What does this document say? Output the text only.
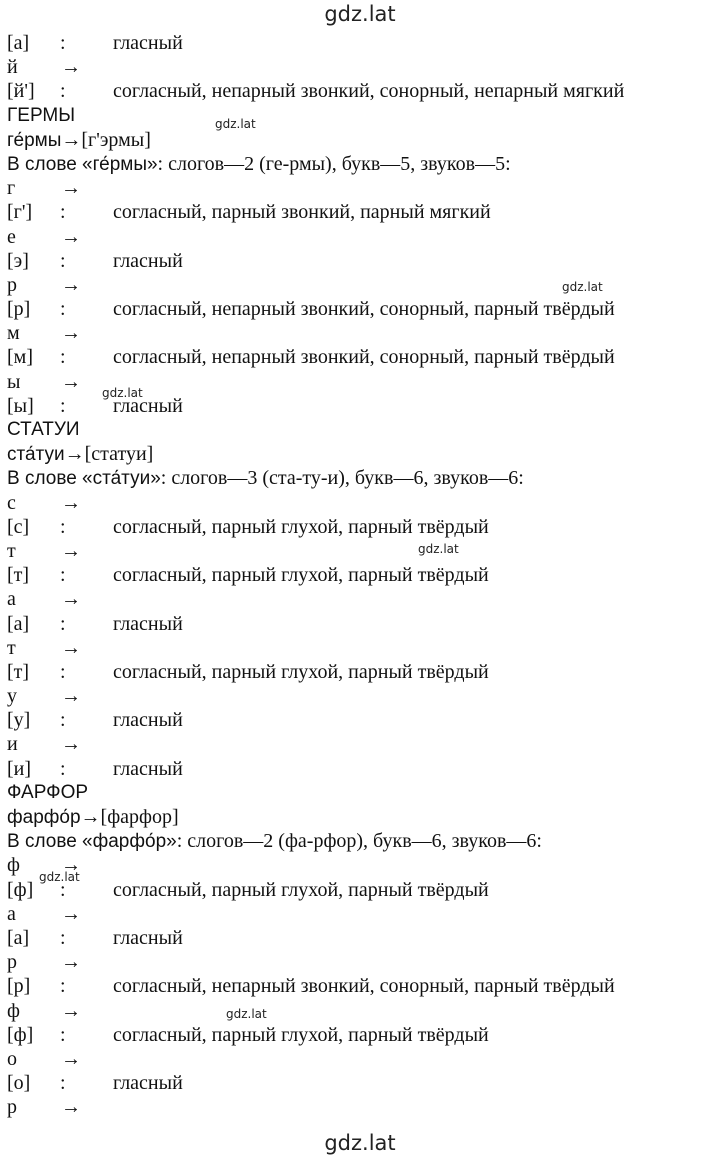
gdz.lat
[а] : гласный
й →
[й'] : согласный, непарный звонкий, сонорный, непарный мягкий
ГЕРМЫ
ге́рмы→[г'эрмы]
В слове «ге́рмы»: слогов—2 (ге-рмы), букв—5, звуков—5:
г →
[г'] : согласный, парный звонкий, парный мягкий
е →
[э] : гласный
р →
[р] : согласный, непарный звонкий, сонорный, парный твёрдый
м →
[м] : согласный, непарный звонкий, сонорный, парный твёрдый
ы →
[ы] : гласный
СТАТУИ
ста́туи→[статуи]
В слове «ста́туи»: слогов—3 (ста-ту-и), букв—6, звуков—6:
с →
[с] : согласный, парный глухой, парный твёрдый
т →
[т] : согласный, парный глухой, парный твёрдый
а →
[а] : гласный
т →
[т] : согласный, парный глухой, парный твёрдый
у →
[у] : гласный
и →
[и] : гласный
ФАРФОР
фарфо́р→[фарфор]
В слове «фарфо́р»: слогов—2 (фа-рфор), букв—6, звуков—6:
ф →
[ф] : согласный, парный глухой, парный твёрдый
а →
[а] : гласный
р →
[р] : согласный, непарный звонкий, сонорный, парный твёрдый
ф →
[ф] : согласный, парный глухой, парный твёрдый
о →
[о] : гласный
р →
gdz.lat
gdz.lat
gdz.lat
gdz.lat
gdz.lat
gdz.lat
gdz.lat
